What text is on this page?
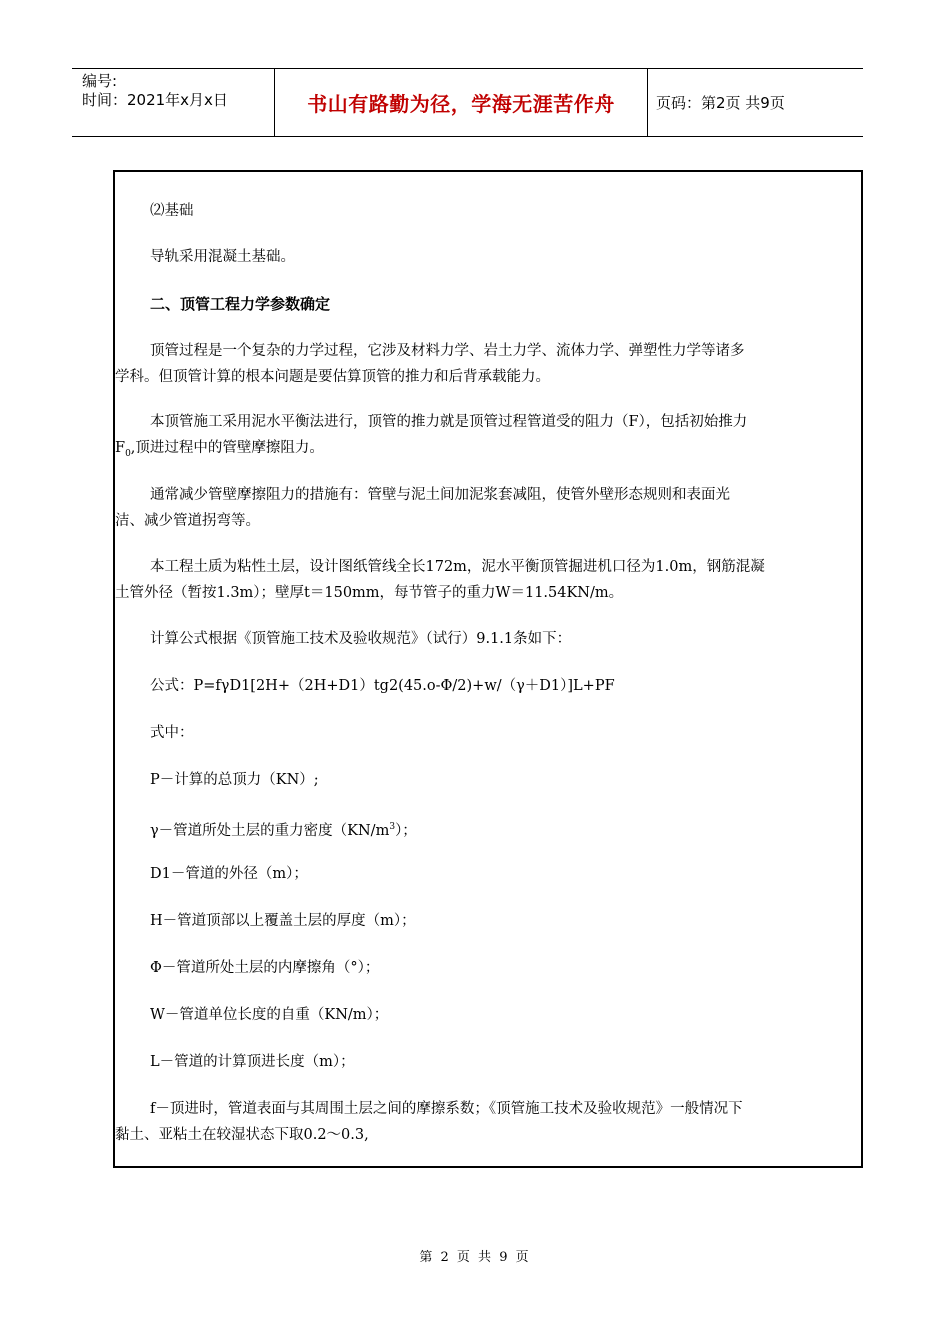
编号:
时间：2021年x月x日	书山有路勤为径，学海无涯苦作舟	页码：第2页 共9页
⑵基础
导轨采用混凝土基础。
二、顶管工程力学参数确定
顶管过程是一个复杂的力学过程，它涉及材料力学、岩土力学、流体力学、弹塑性力学等诸多
学科。但顶管计算的根本问题是要估算顶管的推力和后背承载能力。
本顶管施工采用泥水平衡法进行，顶管的推力就是顶管过程管道受的阻力（F），包括初始推力
$F_0$,顶进过程中的管壁摩擦阻力。
通常减少管壁摩擦阻力的措施有：管壁与泥土间加泥浆套减阻，使管外壁形态规则和表面光
洁、减少管道拐弯等。
本工程土质为粘性土层，设计图纸管线全长172m，泥水平衡顶管掘进机口径为1.0m，钢筋混凝
土管外径（暂按1.3m）；壁厚t＝150mm，每节管子的重力W＝11.54KN/m。
计算公式根据《顶管施工技术及验收规范》（试行）9.1.1条如下：
公式：P=fγD1[2H+（2H+D1）tg2(45.o-Φ/2)+w/（γ＋D1）]L+PF
式中：
P－计算的总顶力（KN）;
γ－管道所处土层的重力密度$(KN/m^3)$；
D1－管道的外径（m）；
H－管道顶部以上覆盖土层的厚度（m）；
Φ－管道所处土层的内摩擦角（°）；
W－管道单位长度的自重（KN/m）；
L－管道的计算顶进长度（m）；
f－顶进时，管道表面与其周围土层之间的摩擦系数；《顶管施工技术及验收规范》一般情况下
黏土、亚粘土在较湿状态下取0.2～0.3,
第 2 页 共 9 页
